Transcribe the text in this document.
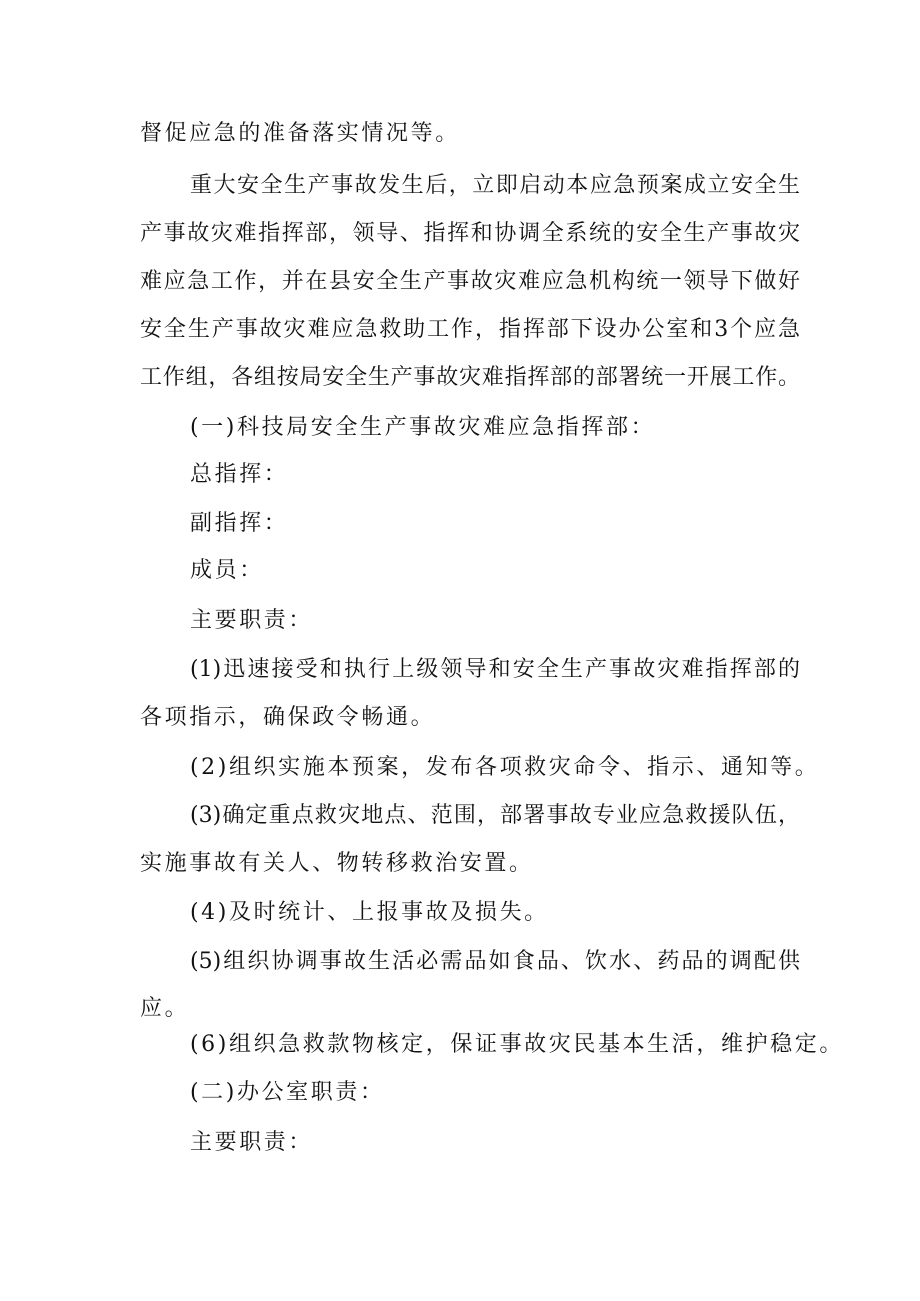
督促应急的准备落实情况等。
重大安全生产事故发生后，立即启动本应急预案成立安全生
产事故灾难指挥部，领导、指挥和协调全系统的安全生产事故灾
难应急工作，并在县安全生产事故灾难应急机构统一领导下做好
安全生产事故灾难应急救助工作，指挥部下设办公室和3个应急
工作组，各组按局安全生产事故灾难指挥部的部署统一开展工作。
(一)科技局安全生产事故灾难应急指挥部：
总指挥：
副指挥：
成员：
主要职责：
(1)迅速接受和执行上级领导和安全生产事故灾难指挥部的
各项指示，确保政令畅通。
(2)组织实施本预案，发布各项救灾命令、指示、通知等。
(3)确定重点救灾地点、范围，部署事故专业应急救援队伍，
实施事故有关人、物转移救治安置。
(4)及时统计、上报事故及损失。
(5)组织协调事故生活必需品如食品、饮水、药品的调配供
应。
(6)组织急救款物核定，保证事故灾民基本生活，维护稳定。
(二)办公室职责：
主要职责：
